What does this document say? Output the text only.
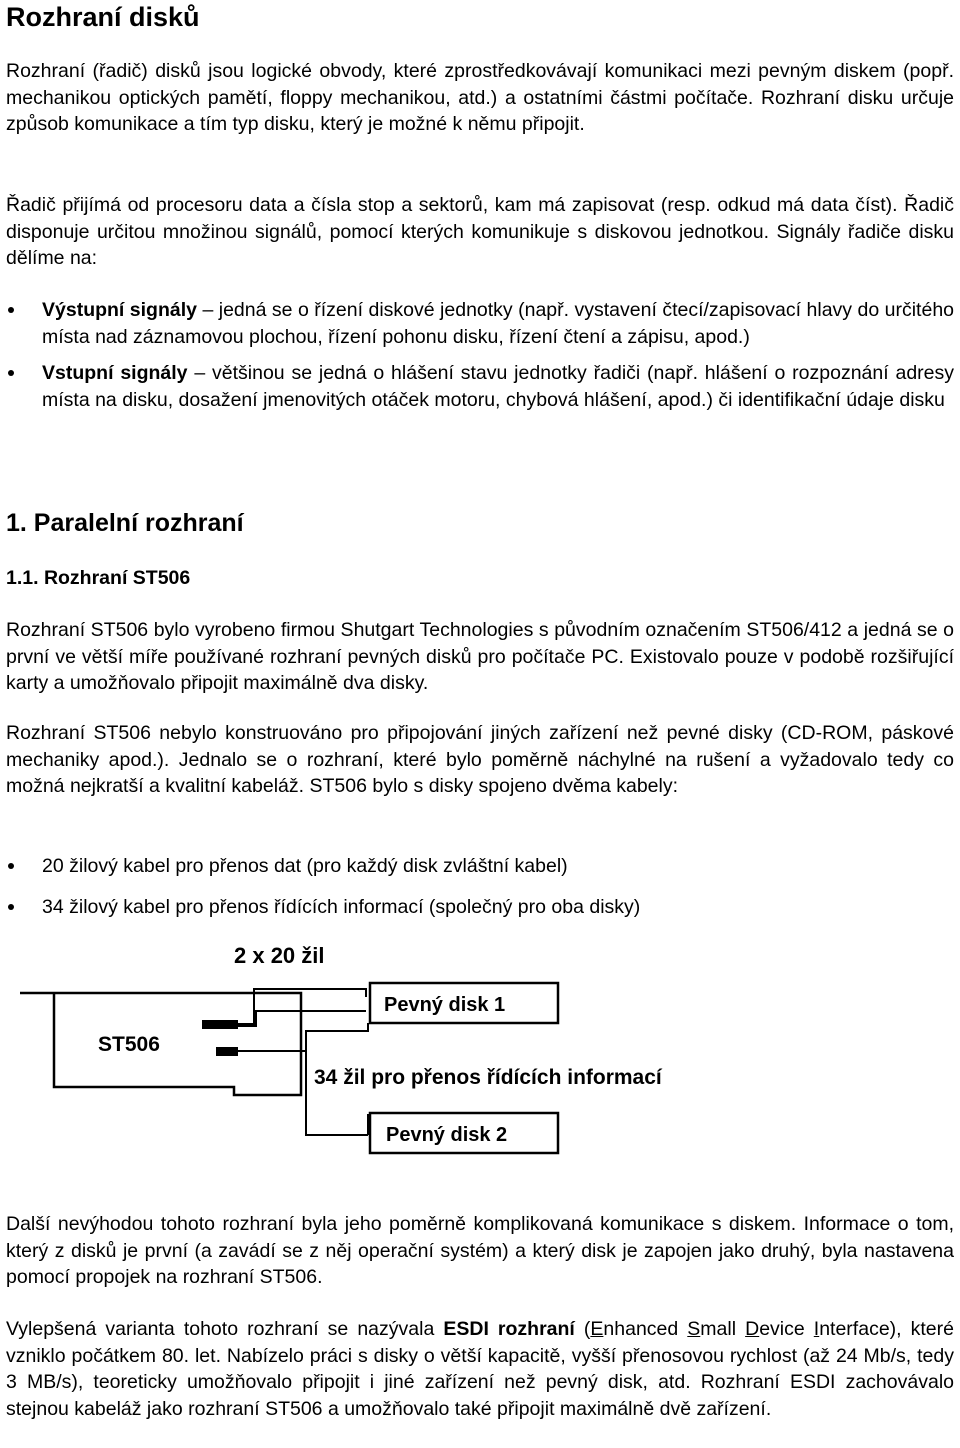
Rozhraní disků

Rozhraní (řadič) disků jsou logické obvody, které zprostředkovávají komunikaci mezi pevným diskem (popř. mechanikou optických pamětí, floppy mechanikou, atd.) a ostatními částmi počítače. Rozhraní disku určuje způsob komunikace a tím typ disku, který je možné k němu připojit.

Řadič přijímá od procesoru data a čísla stop a sektorů, kam má zapisovat (resp. odkud má data číst). Řadič disponuje určitou množinou signálů, pomocí kterých komunikuje s diskovou jednotkou. Signály řadiče disku dělíme na:

Výstupní signály – jedná se o řízení diskové jednotky (např. vystavení čtecí/zapisovací hlavy do určitého místa nad záznamovou plochou, řízení pohonu disku, řízení čtení a zápisu, apod.)
Vstupní signály – většinou se jedná o hlášení stavu jednotky řadiči (např. hlášení o rozpoznání adresy místa na disku, dosažení jmenovitých otáček motoru, chybová hlášení, apod.) či identifikační údaje disku
1. Paralelní rozhraní
1.1. Rozhraní ST506

Rozhraní ST506 bylo vyrobeno firmou Shutgart Technologies s původním označením ST506/412 a jedná se o první ve větší míře používané rozhraní pevných disků pro počítače PC. Existovalo pouze v podobě rozšiřující karty a umožňovalo připojit maximálně dva disky.

Rozhraní ST506 nebylo konstruováno pro připojování jiných zařízení než pevné disky (CD-ROM, páskové mechaniky apod.). Jednalo se o rozhraní, které bylo poměrně náchylné na rušení a vyžadovalo tedy co možná nejkratší a kvalitní kabeláž. ST506 bylo s disky spojeno dvěma kabely:

20 žilový kabel pro přenos dat (pro každý disk zvláštní kabel)
34 žilový kabel pro přenos řídících informací (společný pro oba disky)
2 x 20 žil
ST506
Pevný disk 1
34 žil pro přenos řídících informací
Pevný disk 2

Další nevýhodou tohoto rozhraní byla jeho poměrně komplikovaná komunikace s diskem. Informace o tom, který z disků je první (a zavádí se z něj operační systém) a který disk je zapojen jako druhý, byla nastavena pomocí propojek na rozhraní ST506.

Vylepšená varianta tohoto rozhraní se nazývala ESDI rozhraní (Enhanced Small Device Interface), které vzniklo počátkem 80. let. Nabízelo práci s disky o větší kapacitě, vyšší přenosovou rychlost (až 24 Mb/s, tedy 3 MB/s), teoreticky umožňovalo připojit i jiné zařízení než pevný disk, atd. Rozhraní ESDI zachovávalo stejnou kabeláž jako rozhraní ST506 a umožňovalo také připojit maximálně dvě zařízení.
